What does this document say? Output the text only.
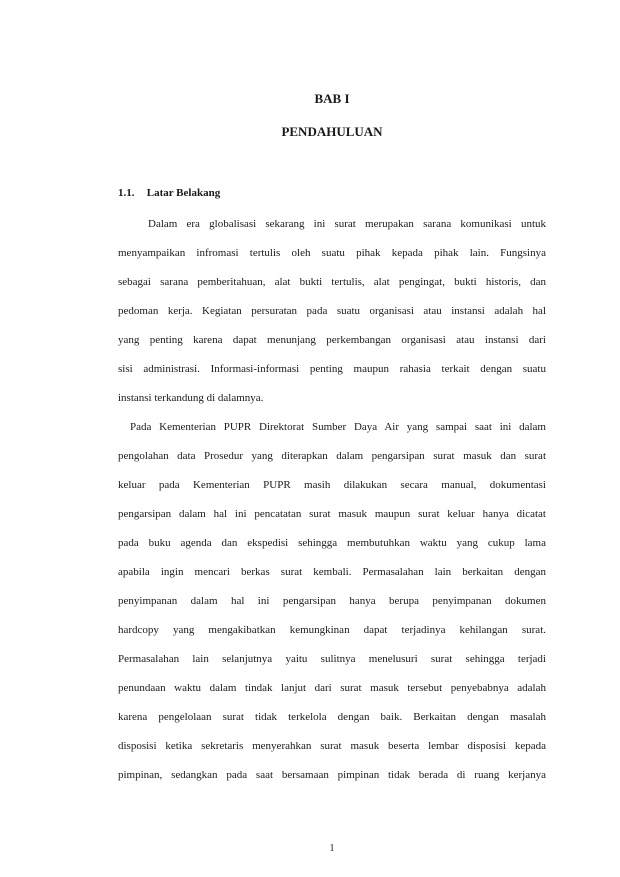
BAB I
PENDAHULUAN
1.1. Latar Belakang
Dalam era globalisasi sekarang ini surat merupakan sarana komunikasi untuk
menyampaikan infromasi tertulis oleh suatu pihak kepada pihak lain. Fungsinya
sebagai sarana pemberitahuan, alat bukti tertulis, alat pengingat, bukti historis, dan
pedoman kerja. Kegiatan persuratan pada suatu organisasi atau instansi adalah hal
yang penting karena dapat menunjang perkembangan organisasi atau instansi dari
sisi administrasi. Informasi-informasi penting maupun rahasia terkait dengan suatu
instansi terkandung di dalamnya.
Pada Kementerian PUPR Direktorat Sumber Daya Air yang sampai saat ini dalam
pengolahan data Prosedur yang diterapkan dalam pengarsipan surat masuk dan surat
keluar pada Kementerian PUPR masih dilakukan secara manual, dokumentasi
pengarsipan dalam hal ini pencatatan surat masuk maupun surat keluar hanya dicatat
pada buku agenda dan ekspedisi sehingga membutuhkan waktu yang cukup lama
apabila ingin mencari berkas surat kembali. Permasalahan lain berkaitan dengan
penyimpanan dalam hal ini pengarsipan hanya berupa penyimpanan dokumen
hardcopy yang mengakibatkan kemungkinan dapat terjadinya kehilangan surat.
Permasalahan lain selanjutnya yaitu sulitnya menelusuri surat sehingga terjadi
penundaan waktu dalam tindak lanjut dari surat masuk tersebut penyebabnya adalah
karena pengelolaan surat tidak terkelola dengan baik. Berkaitan dengan masalah
disposisi ketika sekretaris menyerahkan surat masuk beserta lembar disposisi kepada
pimpinan, sedangkan pada saat bersamaan pimpinan tidak berada di ruang kerjanya

1
